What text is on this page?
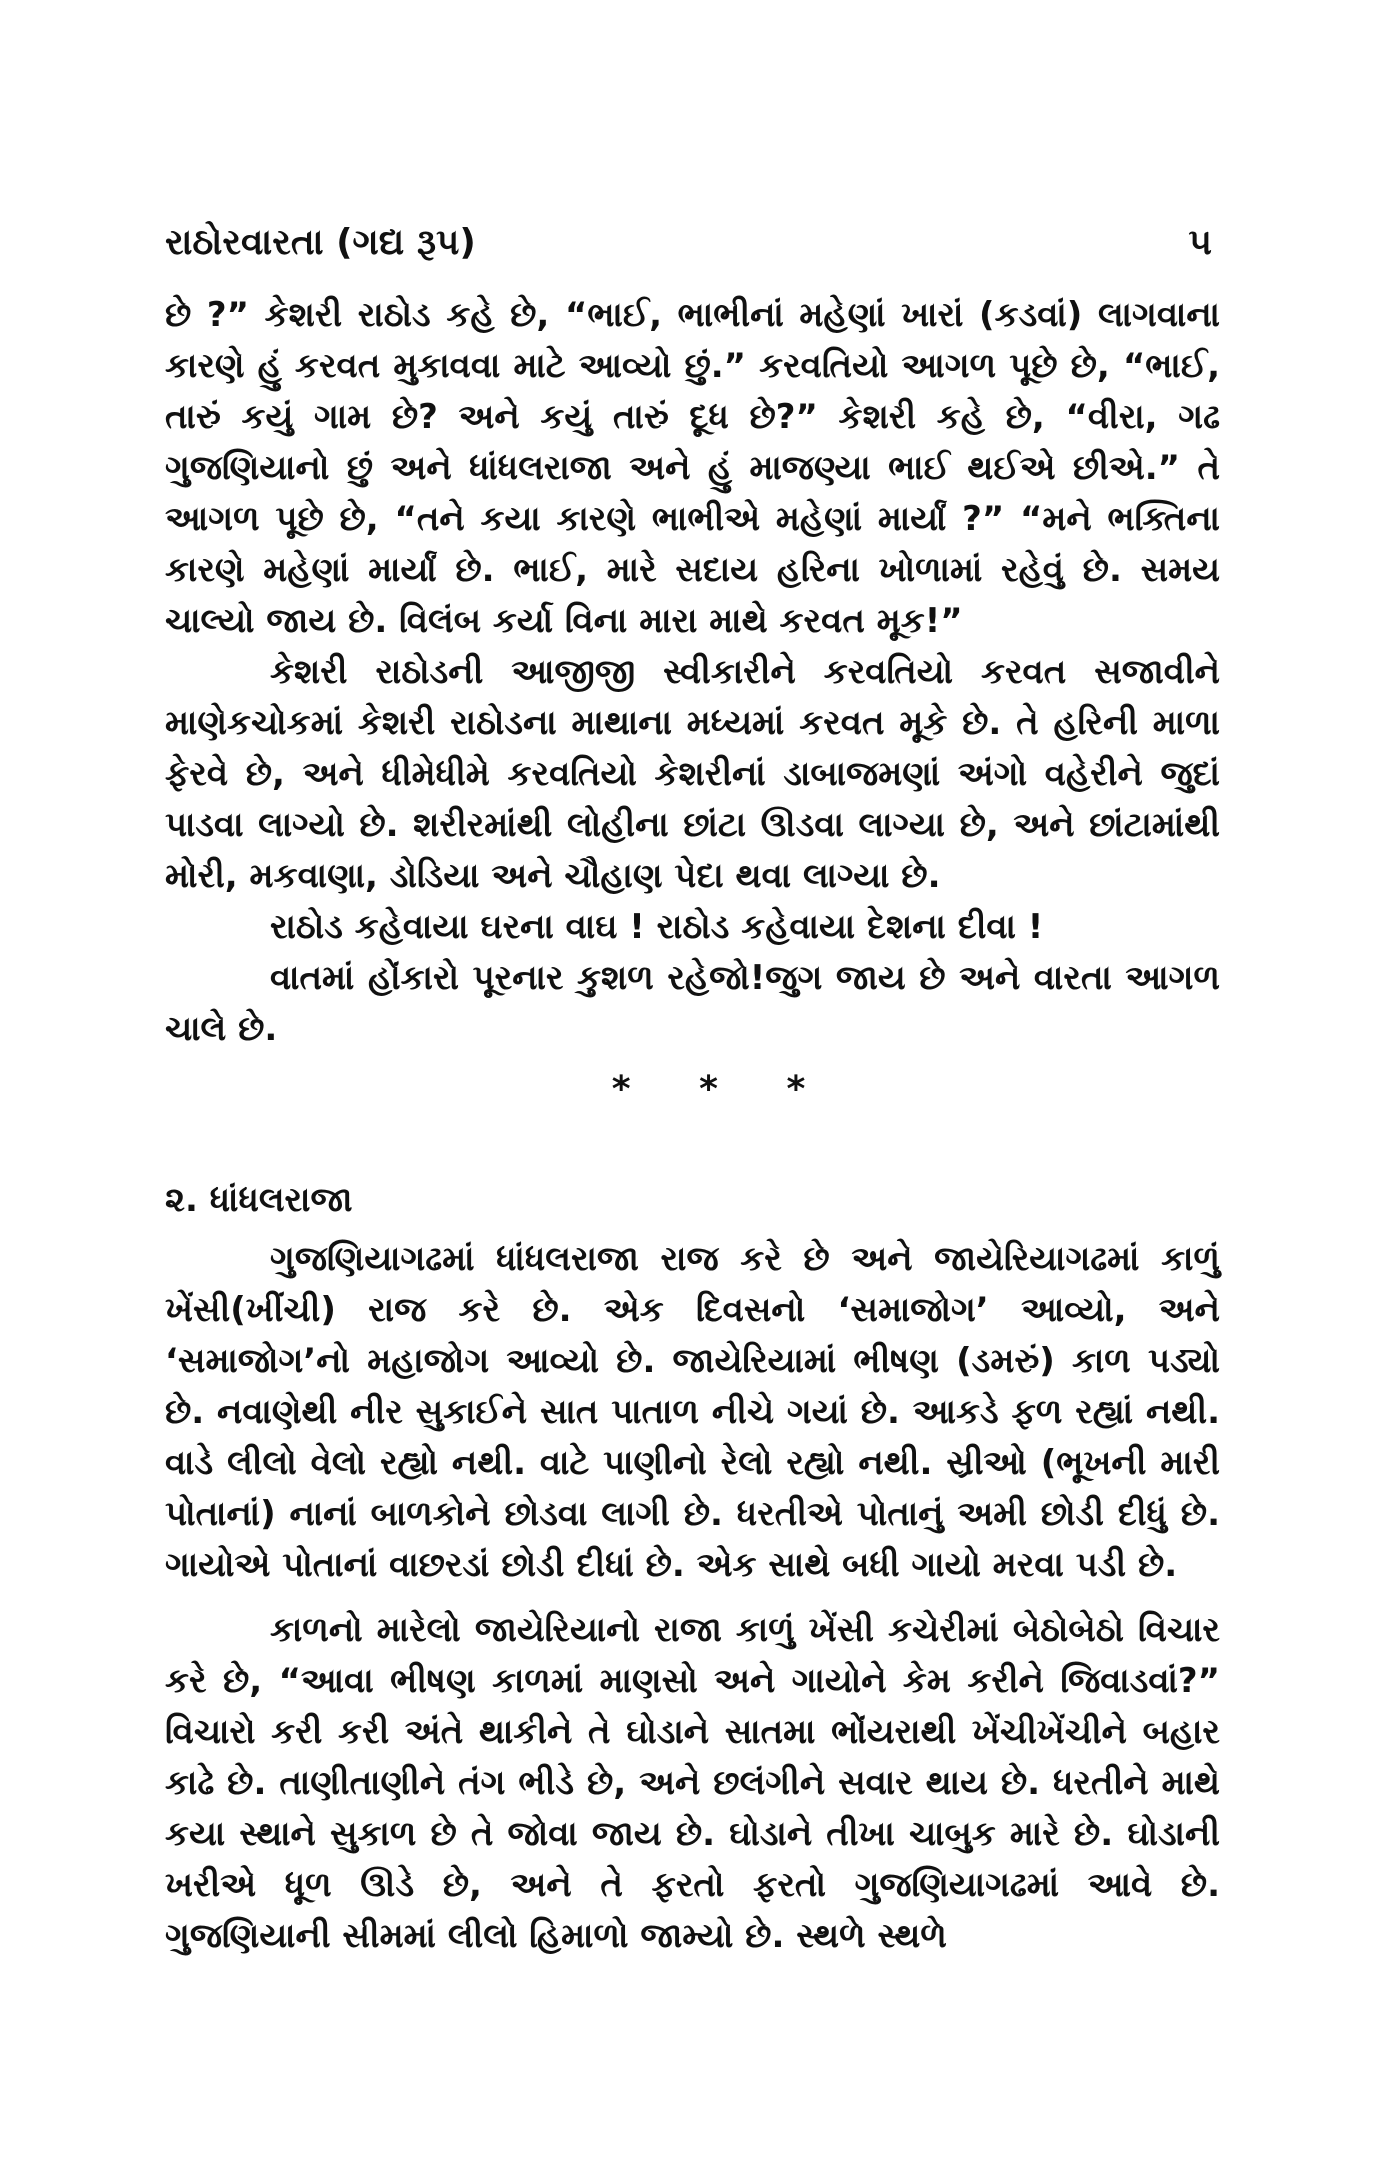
રાઠોરવારતા (ગદ્ય રૂપ)	૫

છે ?” કેશરી રાઠોડ કહે છે, “ભાઈ, ભાભીનાં મહેણાં ખારાં (કડવાં) લાગવાના કારણે હું કરવત મુકાવવા માટે આવ્યો છું.” કરવતિયો આગળ પૂછે છે, “ભાઈ, તારું કયું ગામ છે? અને કયું તારું દૂધ છે?” કેશરી કહે છે, “વીરા, ગઢ ગુજણિયાનો છું અને ધાંધલરાજા અને હું માજણ્યા ભાઈ થઈએ છીએ.” તે આગળ પૂછે છે, “તને કયા કારણે ભાભીએ મહેણાં માર્યાં ?” “મને ભક્તિના કારણે મહેણાં માર્યાં છે. ભાઈ, મારે સદાય હરિના ખોળામાં રહેવું છે. સમય ચાલ્યો જાય છે. વિલંબ કર્યા વિના મારા માથે કરવત મૂક!”

કેશરી રાઠોડની આજીજી સ્વીકારીને કરવતિયો કરવત સજાવીને માણેકચોકમાં કેશરી રાઠોડના માથાના મધ્યમાં કરવત મૂકે છે. તે હરિની માળા ફેરવે છે, અને ધીમેધીમે કરવતિયો કેશરીનાં ડાબાજમણાં અંગો વહેરીને જુદાં પાડવા લાગ્યો છે. શરીરમાંથી લોહીના છાંટા ઊડવા લાગ્યા છે, અને છાંટામાંથી મોરી, મકવાણા, ડોડિયા અને ચૌહાણ પેદા થવા લાગ્યા છે.

રાઠોડ કહેવાયા ઘરના વાઘ ! રાઠોડ કહેવાયા દેશના દીવા !

વાતમાં હોંકારો પૂરનાર કુશળ રહેજો!જુગ જાય છે અને વારતા આગળ ચાલે છે.

* * *
૨. ધાંધલરાજા

ગુજણિયાગઢમાં ધાંધલરાજા રાજ કરે છે અને જાયેરિયાગઢમાં કાળું ખેંસી(ખીંચી) રાજ કરે છે. એક દિવસનો ‘સમાજોગ’ આવ્યો, અને ‘સમાજોગ’નો મહાજોગ આવ્યો છે. જાયેરિયામાં ભીષણ (ડમરું) કાળ પડ્યો છે. નવાણેથી નીર સુકાઈને સાત પાતાળ નીચે ગયાં છે. આકડે ફળ રહ્યાં નથી. વાડે લીલો વેલો રહ્યો નથી. વાટે પાણીનો રેલો રહ્યો નથી. સ્રીઓ (ભૂખની મારી પોતાનાં) નાનાં બાળકોને છોડવા લાગી છે. ધરતીએ પોતાનું અમી છોડી દીધું છે. ગાયોએ પોતાનાં વાછરડાં છોડી દીધાં છે. એક સાથે બધી ગાયો મરવા પડી છે.

કાળનો મારેલો જાયેરિયાનો રાજા કાળું ખેંસી કચેરીમાં બેઠોબેઠો વિચાર કરે છે, “આવા ભીષણ કાળમાં માણસો અને ગાયોને કેમ કરીને જિવાડવાં?” વિચારો કરી કરી અંતે થાકીને તે ઘોડાને સાતમા ભોંયરાથી ખેંચીખેંચીને બહાર કાઢે છે. તાણીતાણીને તંગ ભીડે છે, અને છલંગીને સવાર થાય છે. ધરતીને માથે કયા સ્થાને સુકાળ છે તે જોવા જાય છે. ઘોડાને તીખા ચાબુક મારે છે. ઘોડાની ખરીએ ધૂળ ઊડે છે, અને તે ફરતો ફરતો ગુજણિયાગઢમાં આવે છે. ગુજણિયાની સીમમાં લીલો હિમાળો જામ્યો છે. સ્થળે સ્થળે
